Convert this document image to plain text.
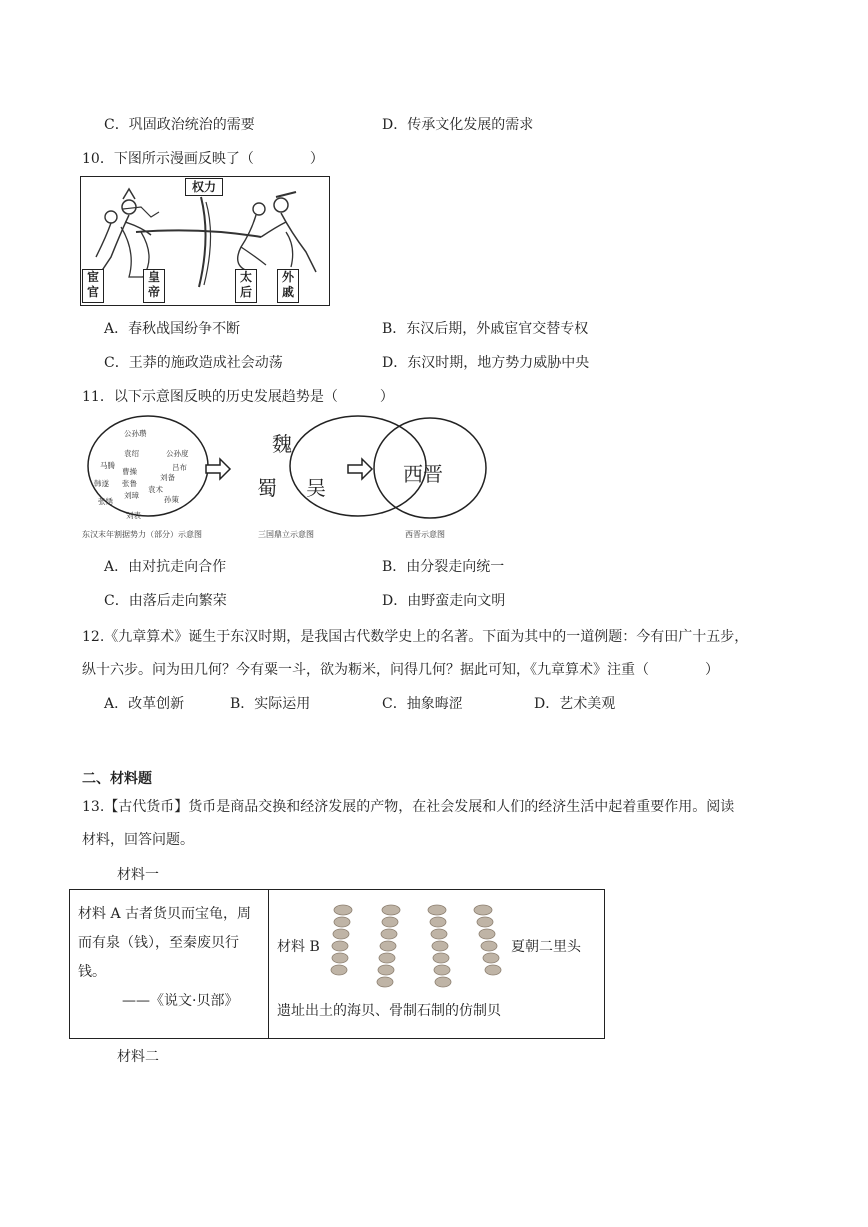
C．巩固政治统治的需要	D．传承文化发展的需求
10．下图所示漫画反映了（　　　　）
权力
宦官
皇帝
太后
外戚
A．春秋战国纷争不断	B．东汉后期，外戚宦官交替专权
C．王莽的施政造成社会动荡	D．东汉时期，地方势力威胁中央
11．以下示意图反映的历史发展趋势是（　　　）
公孙瓒
袁绍
马腾
韩遂
曹操
张鲁
刘璋
袁术
刘表
孙策
公孙度
吕布
刘备
张绣
东汉末年割据势力（部分）示意图
魏
蜀 吴
三国鼎立示意图
西晋
西晋示意图
A．由对抗走向合作	B．由分裂走向统一
C．由落后走向繁荣	D．由野蛮走向文明
12.《九章算术》诞生于东汉时期，是我国古代数学史上的名著。下面为其中的一道例题：今有田广十五步，
纵十六步。问为田几何？今有粟一斗，欲为粝米，问得几何？据此可知，《九章算术》注重（　　　　）
A．改革创新	B．实际运用	C．抽象晦涩	D．艺术美观
二、材料题
13.【古代货币】货币是商品交换和经济发展的产物，在社会发展和人们的经济生活中起着重要作用。阅读
材料，回答问题。
材料一
材料 A 古者货贝而宝龟，周
而有泉（钱），至秦废贝行
钱。
——《说文·贝部》

材料 B	夏朝二里头
遗址出土的海贝、骨制石制的仿制贝
材料二
